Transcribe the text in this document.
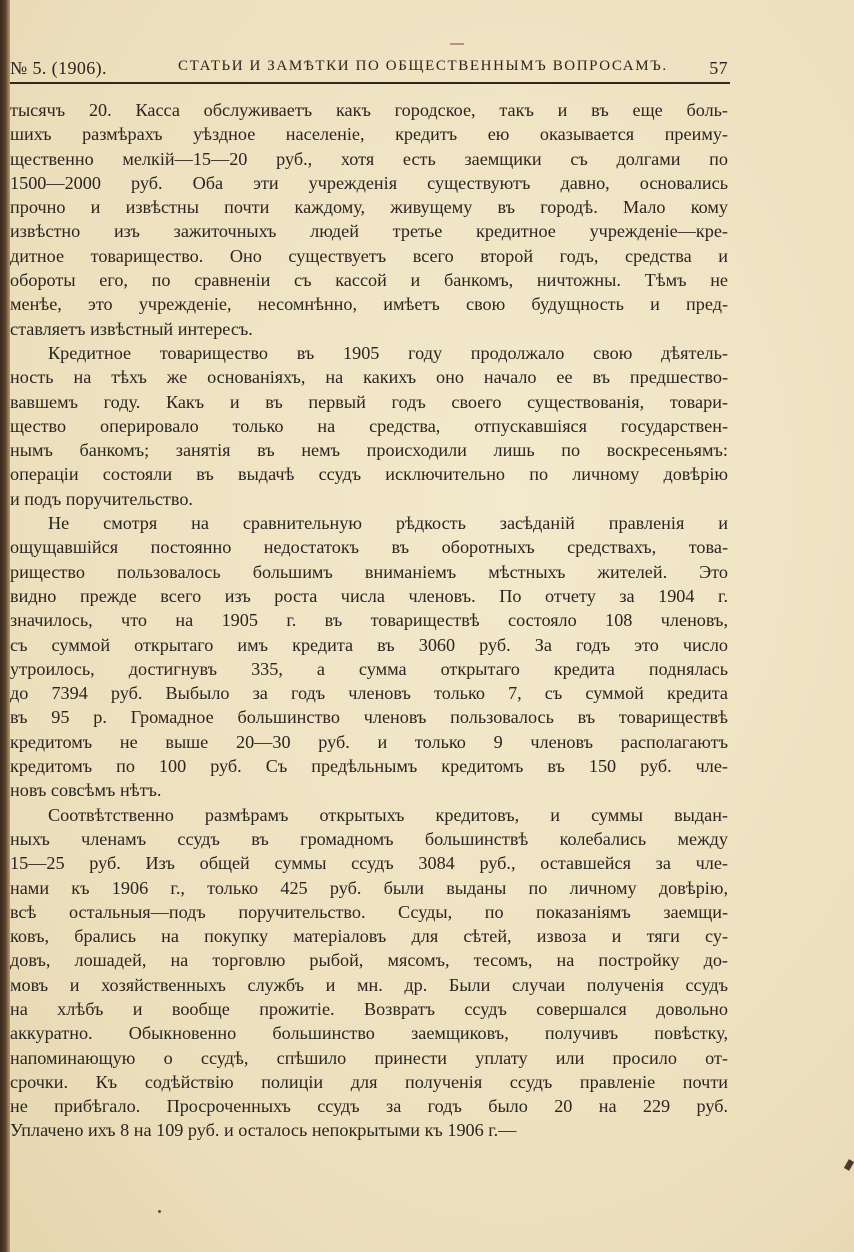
№ 5. (1906).	СТАТЬИ И ЗАМѢТКИ ПО ОБЩЕСТВЕННЫМЪ ВОПРОСАМЪ. 57
тысячъ 20. Касса обслуживаетъ какъ городское, такъ и въ еще боль-
шихъ размѣрахъ уѣздное населеніе, кредитъ ею оказывается преиму-
щественно мелкій—15—20 руб., хотя есть заемщики съ долгами по
1500—2000 руб. Оба эти учрежденія существуютъ давно, основались
прочно и извѣстны почти каждому, живущему въ городѣ. Мало кому
извѣстно изъ зажиточныхъ людей третье кредитное учрежденіе—кре-
дитное товарищество. Оно существуетъ всего второй годъ, средства и
обороты его, по сравненіи съ кассой и банкомъ, ничтожны. Тѣмъ не
менѣе, это учрежденіе, несомнѣнно, имѣетъ свою будущность и пред-
ставляетъ извѣстный интересъ.
Кредитное товарищество въ 1905 году продолжало свою дѣятель-
ность на тѣхъ же основаніяхъ, на какихъ оно начало ее въ предшество-
вавшемъ году. Какъ и въ первый годъ своего существованія, товари-
щество оперировало только на средства, отпускавшіяся государствен-
нымъ банкомъ; занятія въ немъ происходили лишь по воскресеньямъ:
операціи состояли въ выдачѣ ссудъ исключительно по личному довѣрію
и подъ поручительство.
Не смотря на сравнительную рѣдкость засѣданій правленія и
ощущавшійся постоянно недостатокъ въ оборотныхъ средствахъ, това-
рищество пользовалось большимъ вниманіемъ мѣстныхъ жителей. Это
видно прежде всего изъ роста числа членовъ. По отчету за 1904 г.
значилось, что на 1905 г. въ товариществѣ состояло 108 членовъ,
съ суммой открытаго имъ кредита въ 3060 руб. За годъ это число
утроилось, достигнувъ 335, а сумма открытаго кредита поднялась
до 7394 руб. Выбыло за годъ членовъ только 7, съ суммой кредита
въ 95 р. Громадное большинство членовъ пользовалось въ товариществѣ
кредитомъ не выше 20—30 руб. и только 9 членовъ располагаютъ
кредитомъ по 100 руб. Съ предѣльнымъ кредитомъ въ 150 руб. чле-
новъ совсѣмъ нѣтъ.
Соотвѣтственно размѣрамъ открытыхъ кредитовъ, и суммы выдан-
ныхъ членамъ ссудъ въ громадномъ большинствѣ колебались между
15—25 руб. Изъ общей суммы ссудъ 3084 руб., оставшейся за чле-
нами къ 1906 г., только 425 руб. были выданы по личному довѣрію,
всѣ остальныя—подъ поручительство. Ссуды, по показаніямъ заемщи-
ковъ, брались на покупку матеріаловъ для сѣтей, извоза и тяги су-
довъ, лошадей, на торговлю рыбой, мясомъ, тесомъ, на постройку до-
мовъ и хозяйственныхъ службъ и мн. др. Были случаи полученія ссудъ
на хлѣбъ и вообще прожитіе. Возвратъ ссудъ совершался довольно
аккуратно. Обыкновенно большинство заемщиковъ, получивъ повѣстку,
напоминающую о ссудѣ, спѣшило принести уплату или просило от-
срочки. Къ содѣйствію полиціи для полученія ссудъ правленіе почти
не прибѣгало. Просроченныхъ ссудъ за годъ было 20 на 229 руб.
Уплачено ихъ 8 на 109 руб. и осталось непокрытыми къ 1906 г.—
